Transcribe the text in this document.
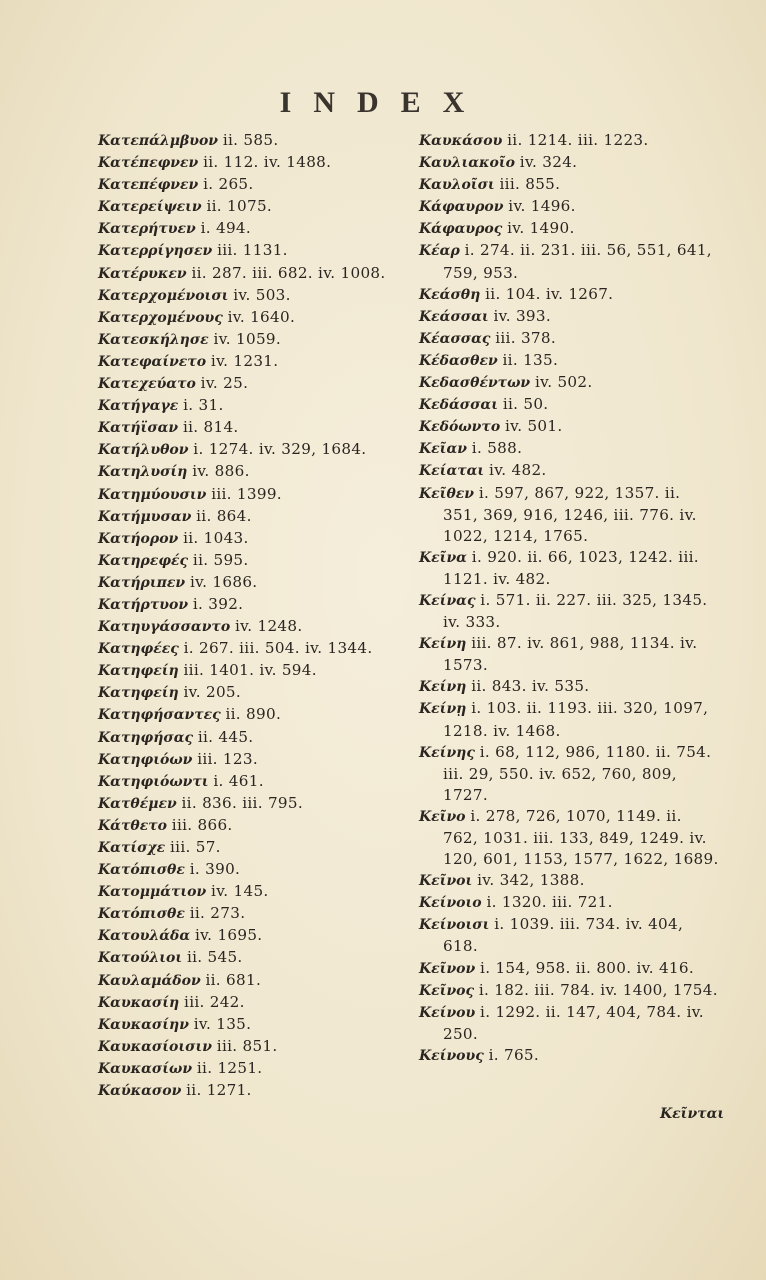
INDEX
Κατεπάλμβυον ii. 585.
Κατέπεφνεν ii. 112. iv. 1488.
Κατεπέφνεν i. 265.
Κατερείψειν ii. 1075.
Κατερήτυεν i. 494.
Κατερρίγησεν iii. 1131.
Κατέρυκεν ii. 287. iii. 682. iv. 1008.
Κατερχομένοισι iv. 503.
Κατερχομένους iv. 1640.
Κατεσκήλησε iv. 1059.
Κατεφαίνετο iv. 1231.
Κατεχεύατο iv. 25.
Κατήγαγε i. 31.
Κατήϊσαν ii. 814.
Κατήλυθον i. 1274. iv. 329, 1684.
Κατηλυσίη iv. 886.
Κατημύουσιν iii. 1399.
Κατήμυσαν ii. 864.
Κατήορον ii. 1043.
Κατηρεφές ii. 595.
Κατήριπεν iv. 1686.
Κατήρτυον i. 392.
Κατηυγάσσαντο iv. 1248.
Κατηφέες i. 267. iii. 504. iv. 1344.
Κατηφείη iii. 1401. iv. 594.
Κατηφείη iv. 205.
Κατηφήσαντες ii. 890.
Κατηφήσας ii. 445.
Κατηφιόων iii. 123.
Κατηφιόωντι i. 461.
Κατθέμεν ii. 836. iii. 795.
Κάτθετο iii. 866.
Κατίσχε iii. 57.
Κατόπισθε i. 390.
Κατομμάτιον iv. 145.
Κατόπισθε ii. 273.
Κατουλάδα iv. 1695.
Κατούλιοι ii. 545.
Καυλαμάδον ii. 681.
Καυκασίη iii. 242.
Καυκασίην iv. 135.
Καυκασίοισιν iii. 851.
Καυκασίων ii. 1251.
Καύκασον ii. 1271.
Καυκάσου ii. 1214. iii. 1223.
Καυλιακοῖο iv. 324.
Καυλοῖσι iii. 855.
Κάφαυρον iv. 1496.
Κάφαυρος iv. 1490.
Κέαρ i. 274. ii. 231. iii. 56, 551, 641, 759, 953.
Κεάσθη ii. 104. iv. 1267.
Κεάσσαι iv. 393.
Κέασσας iii. 378.
Κέδασθεν ii. 135.
Κεδασθέντων iv. 502.
Κεδάσσαι ii. 50.
Κεδόωντο iv. 501.
Κεῖαν i. 588.
Κείαται iv. 482.
Κεῖθεν i. 597, 867, 922, 1357. ii. 351, 369, 916, 1246, iii. 776. iv. 1022, 1214, 1765.
Κεῖνα i. 920. ii. 66, 1023, 1242. iii. 1121. iv. 482.
Κείνας i. 571. ii. 227. iii. 325, 1345. iv. 333.
Κείνη iii. 87. iv. 861, 988, 1134. iv. 1573.
Κείνη ii. 843. iv. 535.
Κείνῃ i. 103. ii. 1193. iii. 320, 1097, 1218. iv. 1468.
Κείνης i. 68, 112, 986, 1180. ii. 754. iii. 29, 550. iv. 652, 760, 809, 1727.
Κεῖνο i. 278, 726, 1070, 1149. ii. 762, 1031. iii. 133, 849, 1249. iv. 120, 601, 1153, 1577, 1622, 1689.
Κεῖνοι iv. 342, 1388.
Κείνοιο i. 1320. iii. 721.
Κείνοισι i. 1039. iii. 734. iv. 404, 618.
Κεῖνον i. 154, 958. ii. 800. iv. 416.
Κεῖνος i. 182. iii. 784. iv. 1400, 1754.
Κείνου i. 1292. ii. 147, 404, 784. iv. 250.
Κείνους i. 765.
Κεῖνται
